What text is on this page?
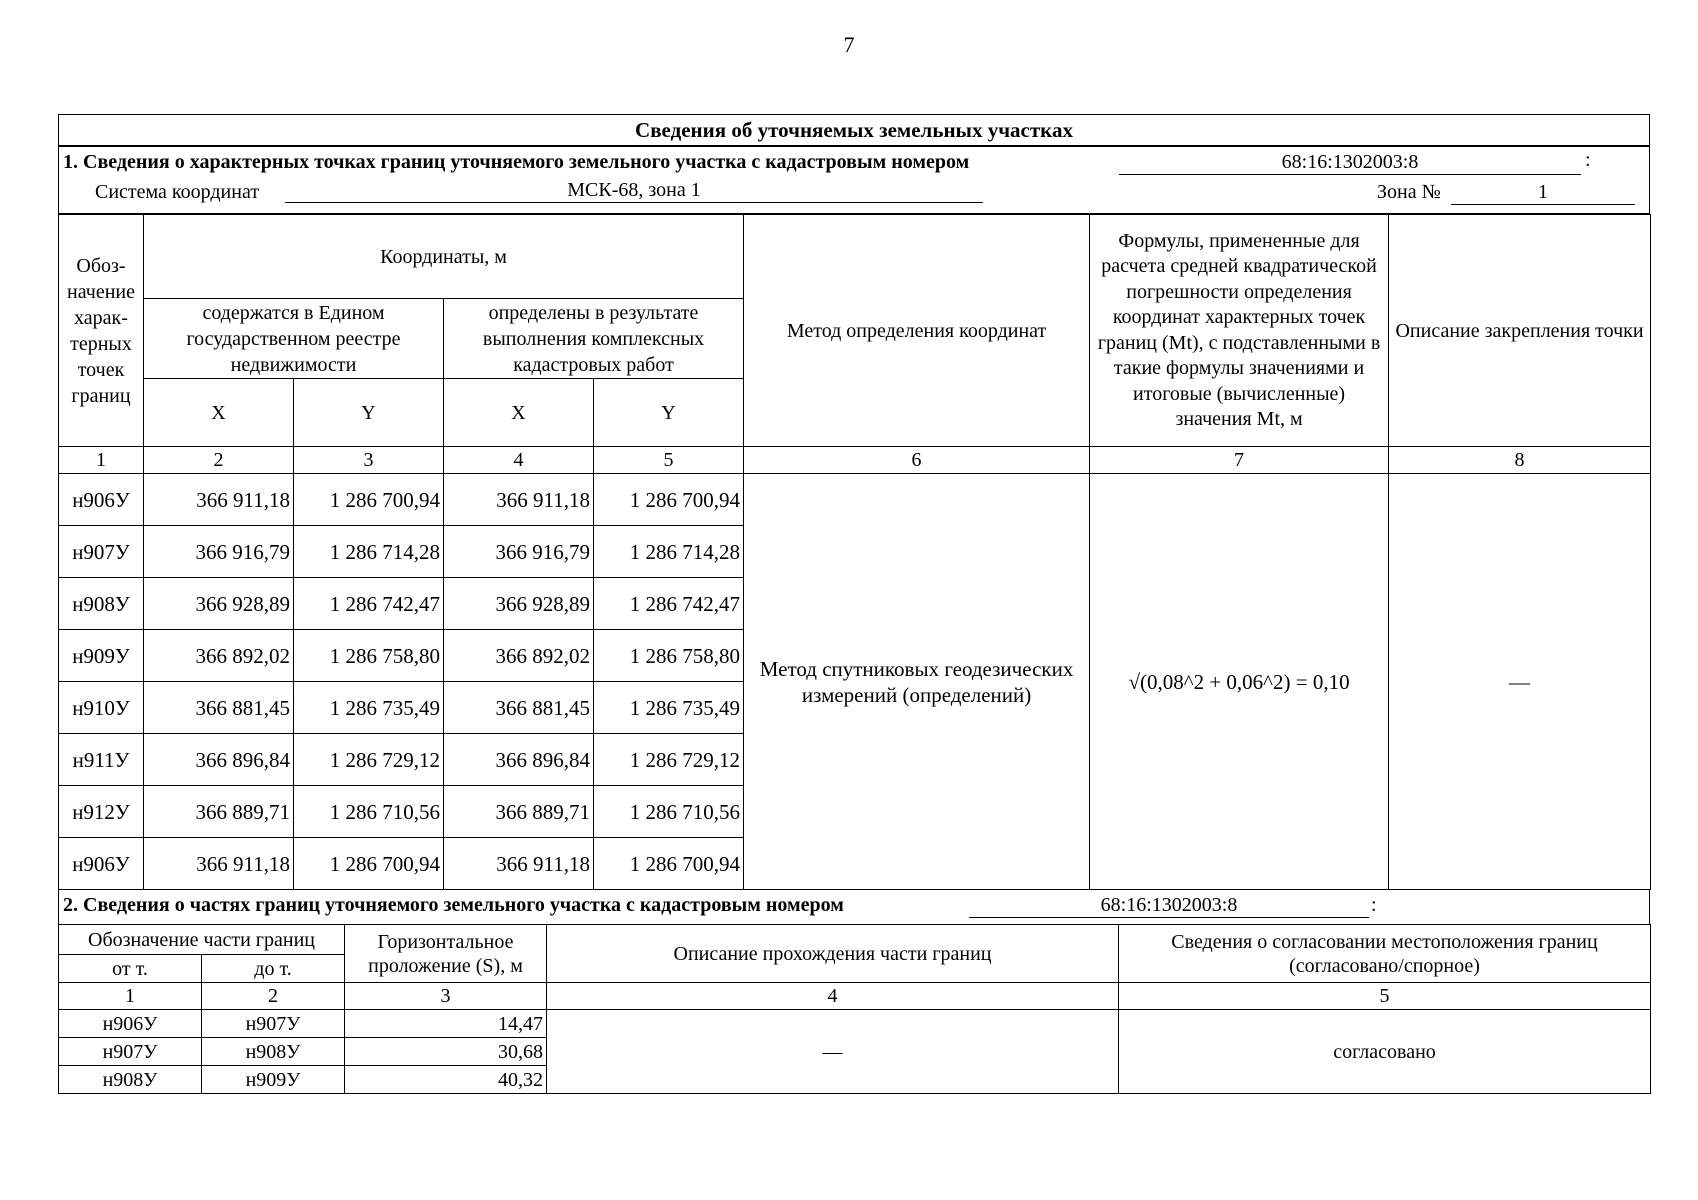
7
Сведения об уточняемых земельных участках
1. Сведения о характерных точках границ уточняемого земельного участка с кадастровым номером	68:16:1302003:8	:
Система координат	МСК-68, зона 1	Зона №	1
Обоз- начение харак- терных точек границ	Координаты, м				Метод определения координат	Формулы, примененные для расчета средней квадратической погрешности определения координат характерных точек границ (Mt), с подставленными в такие формулы значениями и итоговые (вычисленные) значения Mt, м	Описание закрепления точки
	содержатся в Едином государственном реестре недвижимости		определены в результате выполнения комплексных кадастровых работ				
	X	Y	X	Y			
1	2	3	4	5	6	7	8
н906У	366 911,18	1 286 700,94	366 911,18	1 286 700,94	Метод спутниковых геодезических измерений (определений)	√(0,08^2 + 0,06^2) = 0,10	—
н907У	366 916,79	1 286 714,28	366 916,79	1 286 714,28			
н908У	366 928,89	1 286 742,47	366 928,89	1 286 742,47			
н909У	366 892,02	1 286 758,80	366 892,02	1 286 758,80			
н910У	366 881,45	1 286 735,49	366 881,45	1 286 735,49			
н911У	366 896,84	1 286 729,12	366 896,84	1 286 729,12			
н912У	366 889,71	1 286 710,56	366 889,71	1 286 710,56			
н906У	366 911,18	1 286 700,94	366 911,18	1 286 700,94			
2. Сведения о частях границ уточняемого земельного участка с кадастровым номером	68:16:1302003:8	:
Обозначение части границ		Горизонтальное проложение (S), м	Описание прохождения части границ	Сведения о согласовании местоположения границ (согласовано/спорное)
от т.	до т.			
1	2	3	4	5
н906У	н907У	14,47	—	согласовано
н907У	н908У	30,68		
н908У	н909У	40,32		
